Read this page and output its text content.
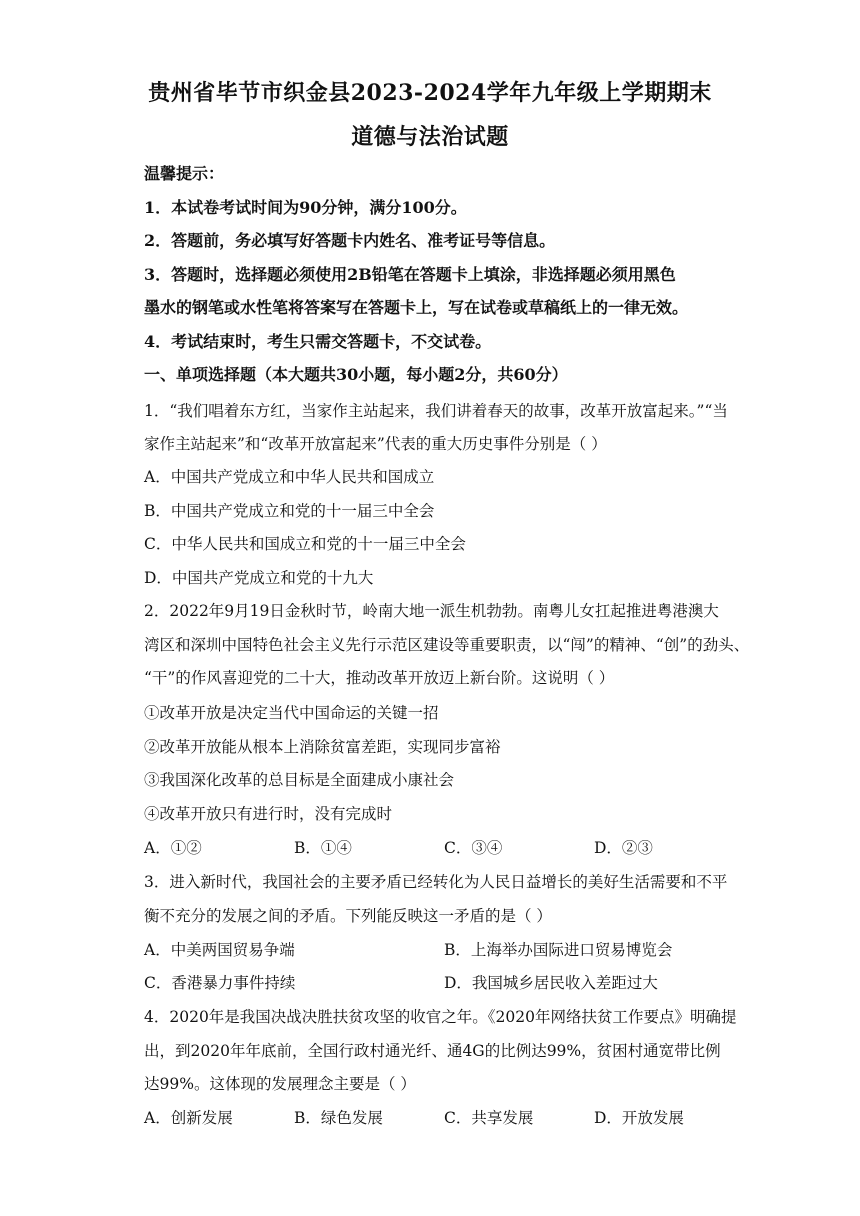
贵州省毕节市织金县2023-2024学年九年级上学期期末
道德与法治试题
温馨提示：
1．本试卷考试时间为90分钟，满分100分。
2．答题前，务必填写好答题卡内姓名、准考证号等信息。
3．答题时，选择题必须使用2B铅笔在答题卡上填涂，非选择题必须用黑色
墨水的钢笔或水性笔将答案写在答题卡上，写在试卷或草稿纸上的一律无效。
4．考试结束时，考生只需交答题卡，不交试卷。
一、单项选择题（本大题共30小题，每小题2分，共60分）
1．“我们唱着东方红，当家作主站起来，我们讲着春天的故事，改革开放富起来。”“当
家作主站起来”和“改革开放富起来”代表的重大历史事件分别是（ ）
A．中国共产党成立和中华人民共和国成立
B．中国共产党成立和党的十一届三中全会
C．中华人民共和国成立和党的十一届三中全会
D．中国共产党成立和党的十九大
2．2022年9月19日金秋时节，岭南大地一派生机勃勃。南粤儿女扛起推进粤港澳大
湾区和深圳中国特色社会主义先行示范区建设等重要职责，以“闯”的精神、“创”的劲头、
“干”的作风喜迎党的二十大，推动改革开放迈上新台阶。这说明（ ）
①改革开放是决定当代中国命运的关键一招
②改革开放能从根本上消除贫富差距，实现同步富裕
③我国深化改革的总目标是全面建成小康社会
④改革开放只有进行时，没有完成时
A．①②	B．①④	C．③④	D．②③
3．进入新时代，我国社会的主要矛盾已经转化为人民日益增长的美好生活需要和不平
衡不充分的发展之间的矛盾。下列能反映这一矛盾的是（ ）
A．中美两国贸易争端	B．上海举办国际进口贸易博览会
C．香港暴力事件持续	D．我国城乡居民收入差距过大
4．2020年是我国决战决胜扶贫攻坚的收官之年。《2020年网络扶贫工作要点》明确提
出，到2020年年底前，全国行政村通光纤、通4G的比例达99%，贫困村通宽带比例
达99%。这体现的发展理念主要是（ ）
A．创新发展	B．绿色发展	C．共享发展	D．开放发展
